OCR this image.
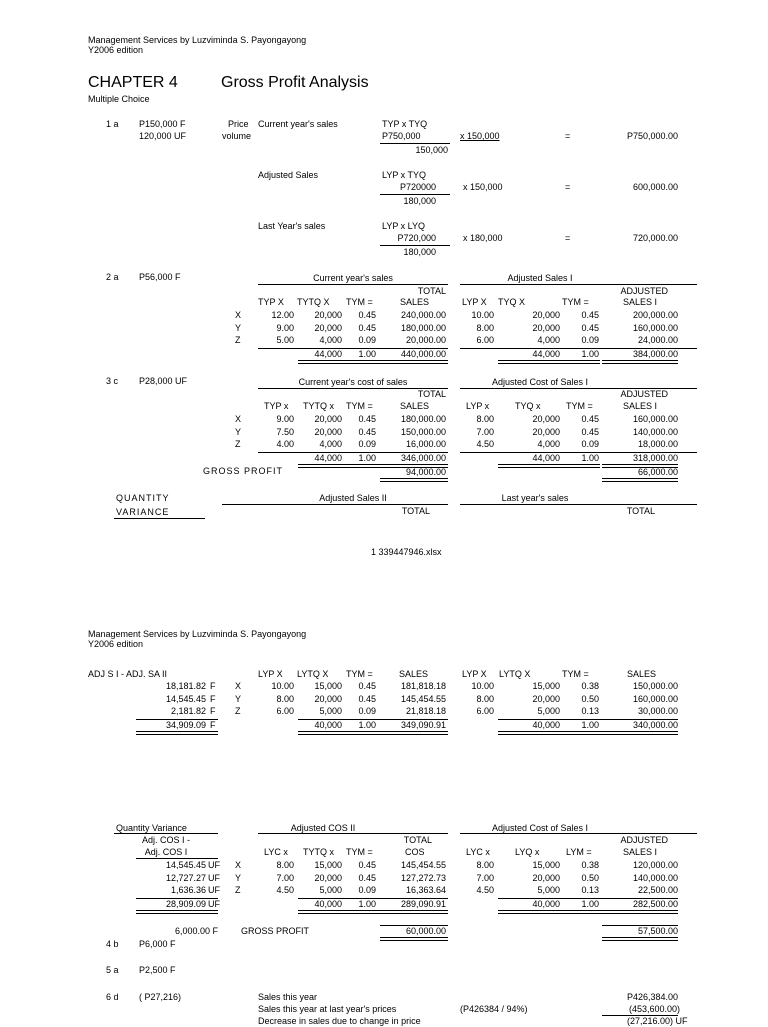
Management Services by Luzviminda S. Payongayong
Y2006 edition
CHAPTER 4	Gross Profit Analysis
Multiple Choice
1 a P150,000 F
120,000 UF
Price
volume
Current year's sales	TYP x TYQ
P750,000
150,000
x 150,000	=	P750,000.00
Adjusted Sales	LYP x TYQ
P720000
180,000
x 150,000	=	600,000.00
Last Year's sales	LYP x LYQ
P720,000
180,000
x 180,000	=	720,000.00
2 a P56,000 F	Current year's sales	Adjusted Sales I
TOTAL	ADJUSTED
TYP X TYTQ X TYM =	SALES	LYP X TYQ X	TYM =	SALES I
X	12.00	20,000	0.45	240,000.00	10.00	20,000	0.45	200,000.00
Y	9.00	20,000	0.45	180,000.00	8.00	20,000	0.45	160,000.00
Z	5.00	4,000	0.09	20,000.00	6.00	4,000	0.09	24,000.00
44,000	1.00	440,000.00	44,000	1.00	384,000.00
3 c P28,000 UF	Current year's cost of sales	Adjusted Cost of Sales I
TOTAL	ADJUSTED
TYP x TYTQ x TYM =	SALES	LYP x	TYQ x	TYM =	SALES I
X	9.00	20,000	0.45	180,000.00	8.00	20,000	0.45	160,000.00
Y	7.50	20,000	0.45	150,000.00	7.00	20,000	0.45	140,000.00
Z	4.00	4,000	0.09	16,000.00	4.50	4,000	0.09	18,000.00
44,000	1.00	346,000.00	44,000	1.00	318,000.00
GROSS PROFIT	94,000.00	66,000.00
QUANTITY
VARIANCE
Adjusted Sales II	Last year's sales
TOTAL	TOTAL
1 339447946.xlsx
Management Services by Luzviminda S. Payongayong
Y2006 edition
ADJ S I - ADJ. SA II	LYP X LYTQ X TYM =	SALES	LYP X LYTQ X	TYM =	SALES
18,181.82 F X	10.00	15,000	0.45	181,818.18	10.00	15,000	0.38	150,000.00
14,545.45 F Y	8.00	20,000	0.45	145,454.55	8.00	20,000	0.50	160,000.00
2,181.82 F Z	6.00	5,000	0.09	21,818.18	6.00	5,000	0.13	30,000.00
34,909.09 F	40,000	1.00	349,090.91	40,000	1.00	340,000.00
Quantity Variance
Adj. COS I -
Adj. COS I
Adjusted COS II	Adjusted Cost of Sales I
TOTAL	ADJUSTED
LYC x TYTQ x TYM =	COS	LYC x	LYQ x	LYM =	SALES I
14,545.45 UF X	8.00	15,000	0.45	145,454.55	8.00	15,000	0.38	120,000.00
12,727.27 UF Y	7.00	20,000	0.45	127,272.73	7.00	20,000	0.50	140,000.00
1,636.36 UF Z	4.50	5,000	0.09	16,363.64	4.50	5,000	0.13	22,500.00
28,909.09 UF	40,000	1.00	289,090.91	40,000	1.00	282,500.00
6,000.00 F	GROSS PROFIT	60,000.00	57,500.00
4 b P6,000 F
5 a P2,500 F
6 d ( P27,216)	Sales this year	P426,384.00
Sales this year at last year's prices	(P426384 / 94%)	(453,600.00)
Decrease in sales due to change in price	(27,216.00) UF
